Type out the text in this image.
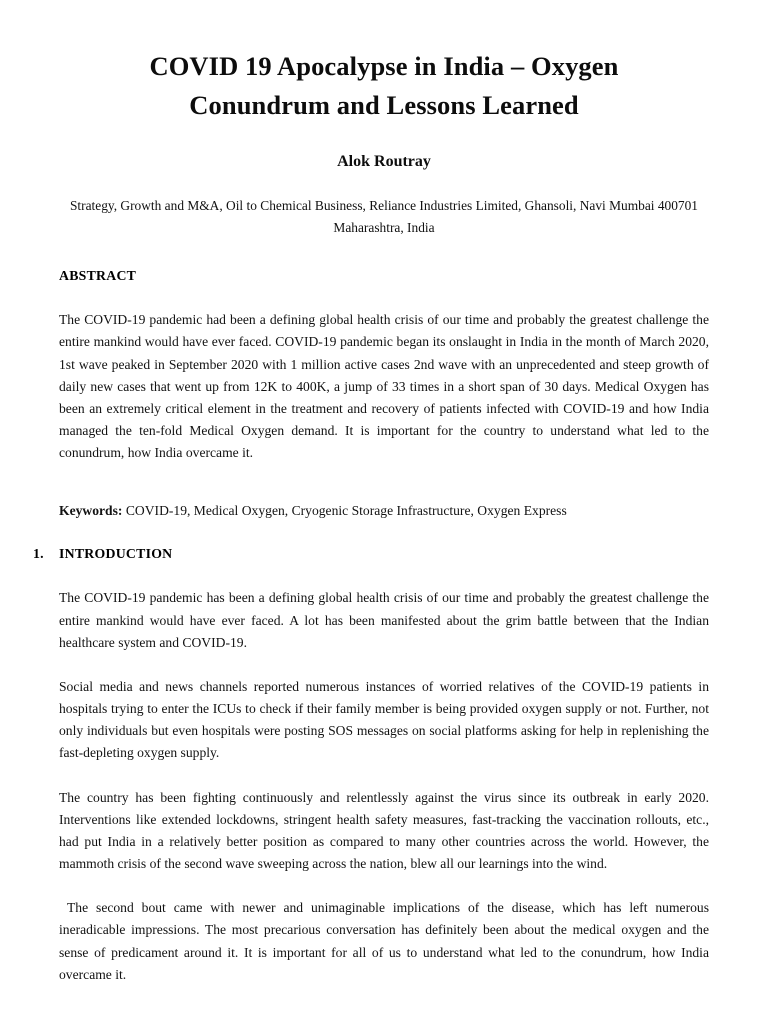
COVID 19 Apocalypse in India – Oxygen
Conundrum and Lessons Learned
Alok Routray
Strategy, Growth and M&A, Oil to Chemical Business, Reliance Industries Limited, Ghansoli, Navi Mumbai 400701 Maharashtra, India
ABSTRACT

The COVID-19 pandemic had been a defining global health crisis of our time and probably the greatest challenge the entire mankind would have ever faced. COVID-19 pandemic began its onslaught in India in the month of March 2020, 1st wave peaked in September 2020 with 1 million active cases 2nd wave with an unprecedented and steep growth of daily new cases that went up from 12K to 400K, a jump of 33 times in a short span of 30 days. Medical Oxygen has been an extremely critical element in the treatment and recovery of patients infected with COVID-19 and how India managed the ten-fold Medical Oxygen demand. It is important for the country to understand what led to the conundrum, how India overcame it.

Keywords: COVID-19, Medical Oxygen, Cryogenic Storage Infrastructure, Oxygen Express

1. INTRODUCTION

The COVID-19 pandemic has been a defining global health crisis of our time and probably the greatest challenge the entire mankind would have ever faced. A lot has been manifested about the grim battle between that the Indian healthcare system and COVID-19.

Social media and news channels reported numerous instances of worried relatives of the COVID-19 patients in hospitals trying to enter the ICUs to check if their family member is being provided oxygen supply or not. Further, not only individuals but even hospitals were posting SOS messages on social platforms asking for help in replenishing the fast-depleting oxygen supply.

The country has been fighting continuously and relentlessly against the virus since its outbreak in early 2020. Interventions like extended lockdowns, stringent health safety measures, fast-tracking the vaccination rollouts, etc., had put India in a relatively better position as compared to many other countries across the world. However, the mammoth crisis of the second wave sweeping across the nation, blew all our learnings into the wind.

The second bout came with newer and unimaginable implications of the disease, which has left numerous ineradicable impressions. The most precarious conversation has definitely been about the medical oxygen and the sense of predicament around it. It is important for all of us to understand what led to the conundrum, how India overcame it.
